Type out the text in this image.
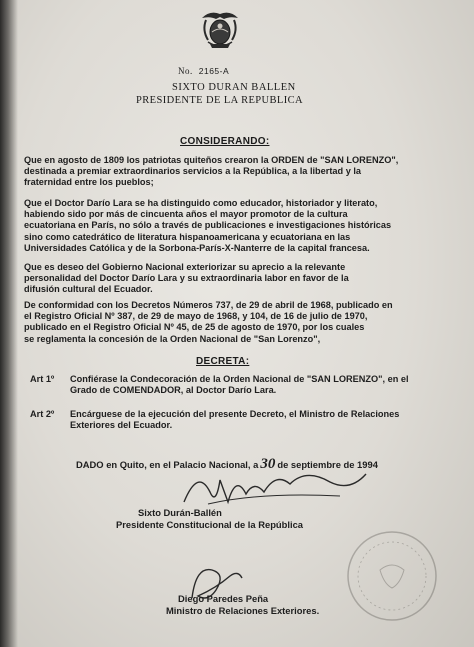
No. 2165-A
SIXTO DURAN BALLEN
PRESIDENTE DE LA REPUBLICA
CONSIDERANDO:
Que en agosto de 1809 los patriotas quiteños crearon la ORDEN de "SAN LORENZO",
destinada a premiar extraordinarios servicios a la República, a la libertad y la
fraternidad entre los pueblos;
Que el Doctor Darío Lara se ha distinguido como educador, historiador y literato,
habiendo sido por más de cincuenta años el mayor promotor de la cultura
ecuatoriana en París, no sólo a través de publicaciones e investigaciones históricas
sino como catedrático de literatura hispanoamericana y ecuatoriana en las
Universidades Católica y de la Sorbona-París-X-Nanterre de la capital francesa.
Que es deseo del Gobierno Nacional exteriorizar su aprecio a la relevante
personalidad del Doctor Darío Lara y su extraordinaria labor en favor de la
difusión cultural del Ecuador.
De conformidad con los Decretos Números 737, de 29 de abril de 1968, publicado en
el Registro Oficial Nº 387, de 29 de mayo de 1968, y 104, de 16 de julio de 1970,
publicado en el Registro Oficial Nº 45, de 25 de agosto de 1970, por los cuales
se reglamenta la concesión de la Orden Nacional de "San Lorenzo",
DECRETA:
Art 1º Confiérase la Condecoración de la Orden Nacional de "SAN LORENZO", en el
Grado de COMENDADOR, al Doctor Darío Lara.
Art 2º Encárguese de la ejecución del presente Decreto, el Ministro de Relaciones
Exteriores del Ecuador.
DADO en Quito, en el Palacio Nacional, a 30 de septiembre de 1994
Sixto Durán-Ballén
Presidente Constitucional de la República
Diego Paredes Peña
Ministro de Relaciones Exteriores.
